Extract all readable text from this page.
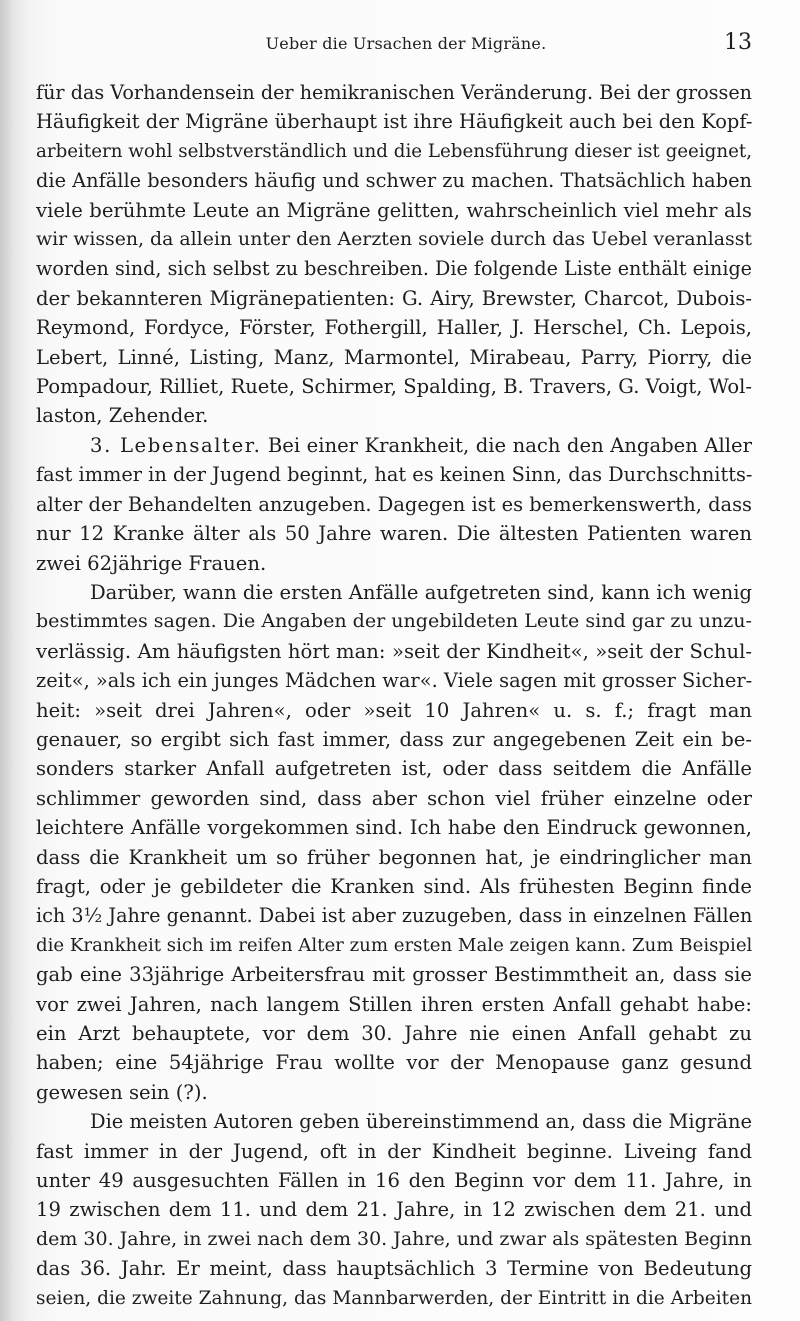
Ueber die Ursachen der Migräne.	13

für das Vorhandensein der hemikranischen Veränderung. Bei der grossen
Häufigkeit der Migräne überhaupt ist ihre Häufigkeit auch bei den Kopf-
arbeitern wohl selbstverständlich und die Lebensführung dieser ist geeignet,
die Anfälle besonders häufig und schwer zu machen. Thatsächlich haben
viele berühmte Leute an Migräne gelitten, wahrscheinlich viel mehr als
wir wissen, da allein unter den Aerzten soviele durch das Uebel veranlasst
worden sind, sich selbst zu beschreiben. Die folgende Liste enthält einige
der bekannteren Migränepatienten: G. Airy, Brewster, Charcot, Dubois-
Reymond, Fordyce, Förster, Fothergill, Haller, J. Herschel, Ch. Lepois,
Lebert, Linné, Listing, Manz, Marmontel, Mirabeau, Parry, Piorry, die
Pompadour, Rilliet, Ruete, Schirmer, Spalding, B. Travers, G. Voigt, Wol-
laston, Zehender.

3. Lebensalter. Bei einer Krankheit, die nach den Angaben Aller
fast immer in der Jugend beginnt, hat es keinen Sinn, das Durchschnitts-
alter der Behandelten anzugeben. Dagegen ist es bemerkenswerth, dass
nur 12 Kranke älter als 50 Jahre waren. Die ältesten Patienten waren
zwei 62jährige Frauen.

Darüber, wann die ersten Anfälle aufgetreten sind, kann ich wenig
bestimmtes sagen. Die Angaben der ungebildeten Leute sind gar zu unzu-
verlässig. Am häufigsten hört man: »seit der Kindheit«, »seit der Schul-
zeit«, »als ich ein junges Mädchen war«. Viele sagen mit grosser Sicher-
heit: »seit drei Jahren«, oder »seit 10 Jahren« u. s. f.; fragt man
genauer, so ergibt sich fast immer, dass zur angegebenen Zeit ein be-
sonders starker Anfall aufgetreten ist, oder dass seitdem die Anfälle
schlimmer geworden sind, dass aber schon viel früher einzelne oder
leichtere Anfälle vorgekommen sind. Ich habe den Eindruck gewonnen,
dass die Krankheit um so früher begonnen hat, je eindringlicher man
fragt, oder je gebildeter die Kranken sind. Als frühesten Beginn finde
ich 3½ Jahre genannt. Dabei ist aber zuzugeben, dass in einzelnen Fällen
die Krankheit sich im reifen Alter zum ersten Male zeigen kann. Zum Beispiel
gab eine 33jährige Arbeitersfrau mit grosser Bestimmtheit an, dass sie
vor zwei Jahren, nach langem Stillen ihren ersten Anfall gehabt habe:
ein Arzt behauptete, vor dem 30. Jahre nie einen Anfall gehabt zu
haben; eine 54jährige Frau wollte vor der Menopause ganz gesund
gewesen sein (?).

Die meisten Autoren geben übereinstimmend an, dass die Migräne
fast immer in der Jugend, oft in der Kindheit beginne. Liveing fand
unter 49 ausgesuchten Fällen in 16 den Beginn vor dem 11. Jahre, in
19 zwischen dem 11. und dem 21. Jahre, in 12 zwischen dem 21. und
dem 30. Jahre, in zwei nach dem 30. Jahre, und zwar als spätesten Beginn
das 36. Jahr. Er meint, dass hauptsächlich 3 Termine von Bedeutung
seien, die zweite Zahnung, das Mannbarwerden, der Eintritt in die Arbeiten
